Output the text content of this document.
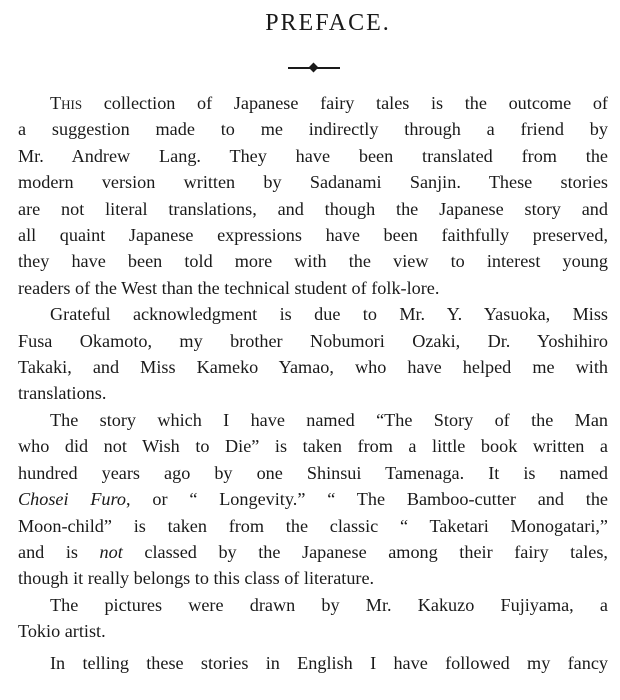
PREFACE.
This collection of Japanese fairy tales is the outcome of
a suggestion made to me indirectly through a friend by
Mr. Andrew Lang. They have been translated from the
modern version written by Sadanami Sanjin. These stories
are not literal translations, and though the Japanese story and
all quaint Japanese expressions have been faithfully preserved,
they have been told more with the view to interest young
readers of the West than the technical student of folk-lore.
Grateful acknowledgment is due to Mr. Y. Yasuoka, Miss
Fusa Okamoto, my brother Nobumori Ozaki, Dr. Yoshihiro
Takaki, and Miss Kameko Yamao, who have helped me with
translations.
The story which I have named “The Story of the Man
who did not Wish to Die” is taken from a little book written a
hundred years ago by one Shinsui Tamenaga. It is named
Chosei Furo, or “ Longevity.” “ The Bamboo-cutter and the
Moon-child” is taken from the classic “ Taketari Monogatari,”
and is not classed by the Japanese among their fairy tales,
though it really belongs to this class of literature.
The pictures were drawn by Mr. Kakuzo Fujiyama, a
Tokio artist.
In telling these stories in English I have followed my fancy
